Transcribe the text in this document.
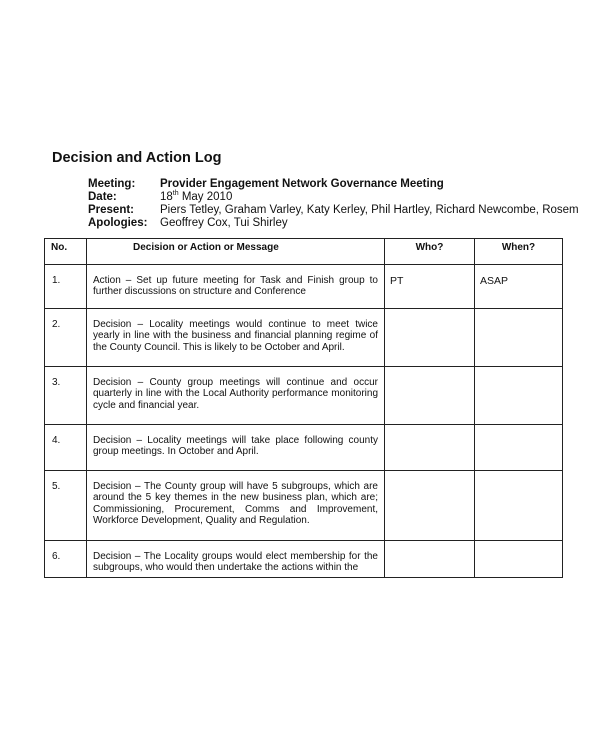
Decision and Action Log
Meeting:	Provider Engagement Network Governance Meeting
Date:	18th May 2010
Present:	Piers Tetley, Graham Varley, Katy Kerley, Phil Hartley, Richard Newcombe, Rosem
Apologies:	Geoffrey Cox, Tui Shirley
No.	Decision or Action or Message	Who?	When?
1.	Action – Set up future meeting for Task and Finish group to further discussions on structure and Conference	PT	ASAP
2.	Decision – Locality meetings would continue to meet twice yearly in line with the business and financial planning regime of the County Council. This is likely to be October and April.		
3.	Decision – County group meetings will continue and occur quarterly in line with the Local Authority performance monitoring cycle and financial year.		
4.	Decision – Locality meetings will take place following county group meetings. In October and April.		
5.	Decision – The County group will have 5 subgroups, which are around the 5 key themes in the new business plan, which are; Commissioning, Procurement, Comms and Improvement, Workforce Development, Quality and Regulation.		
6.	Decision – The Locality groups would elect membership for the subgroups, who would then undertake the actions within the		
